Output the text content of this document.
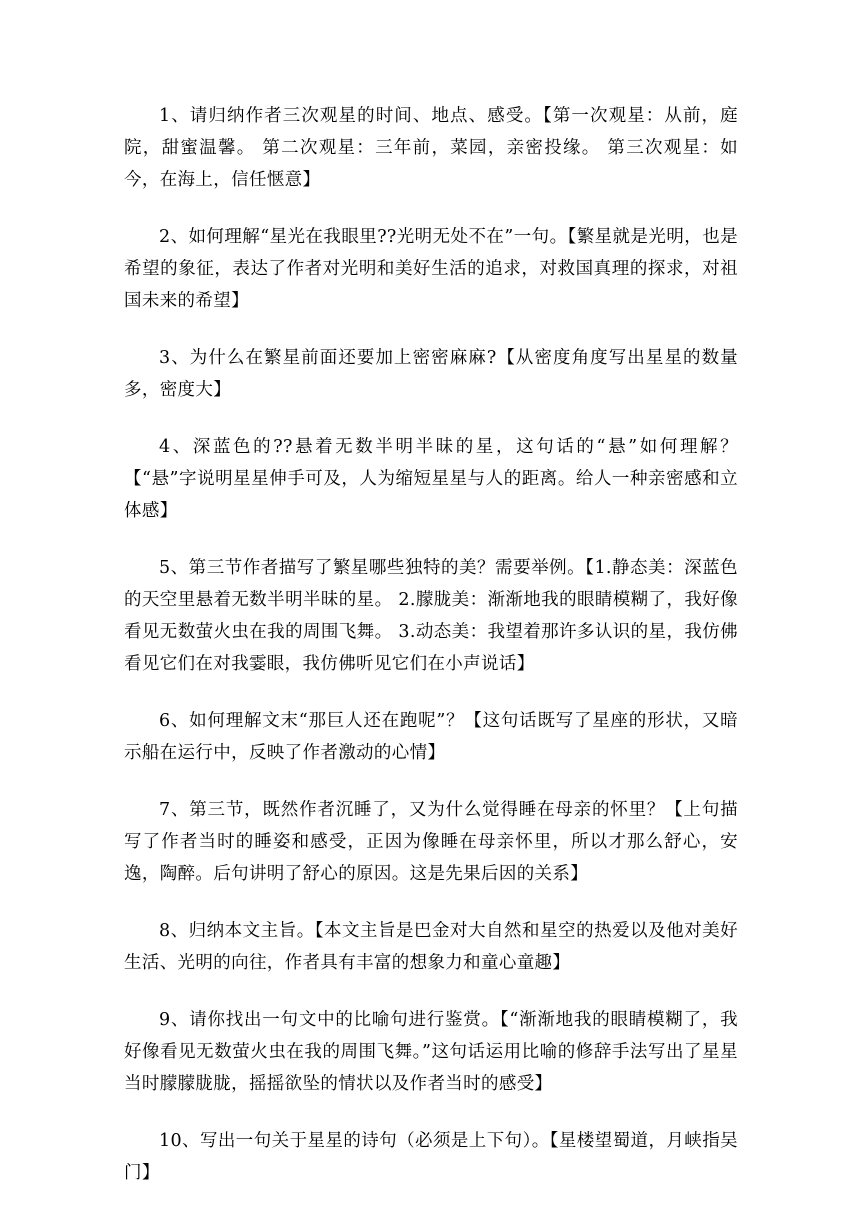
1、请归纳作者三次观星的时间、地点、感受。【第一次观星：从前，庭院，甜蜜温馨。 第二次观星：三年前，菜园，亲密投缘。 第三次观星：如今，在海上，信任惬意】

2、如何理解“星光在我眼里??光明无处不在”一句。【繁星就是光明，也是希望的象征，表达了作者对光明和美好生活的追求，对救国真理的探求，对祖国未来的希望】

3、为什么在繁星前面还要加上密密麻麻?【从密度角度写出星星的数量多，密度大】

4、深蓝色的??悬着无数半明半昧的星，这句话的“悬”如何理解？【“悬”字说明星星伸手可及，人为缩短星星与人的距离。给人一种亲密感和立体感】

5、第三节作者描写了繁星哪些独特的美？需要举例。【1.静态美：深蓝色的天空里悬着无数半明半昧的星。 2.朦胧美：渐渐地我的眼睛模糊了，我好像看见无数萤火虫在我的周围飞舞。 3.动态美：我望着那许多认识的星，我仿佛看见它们在对我霎眼，我仿佛听见它们在小声说话】

6、如何理解文末“那巨人还在跑呢”？【这句话既写了星座的形状，又暗示船在运行中，反映了作者激动的心情】

7、第三节，既然作者沉睡了，又为什么觉得睡在母亲的怀里？【上句描写了作者当时的睡姿和感受，正因为像睡在母亲怀里，所以才那么舒心，安逸，陶醉。后句讲明了舒心的原因。这是先果后因的关系】

8、归纳本文主旨。【本文主旨是巴金对大自然和星空的热爱以及他对美好生活、光明的向往，作者具有丰富的想象力和童心童趣】

9、请你找出一句文中的比喻句进行鉴赏。【“渐渐地我的眼睛模糊了，我好像看见无数萤火虫在我的周围飞舞。”这句话运用比喻的修辞手法写出了星星当时朦朦胧胧，摇摇欲坠的情状以及作者当时的感受】

10、写出一句关于星星的诗句（必须是上下句）。【星楼望蜀道，月峡指吴门】
